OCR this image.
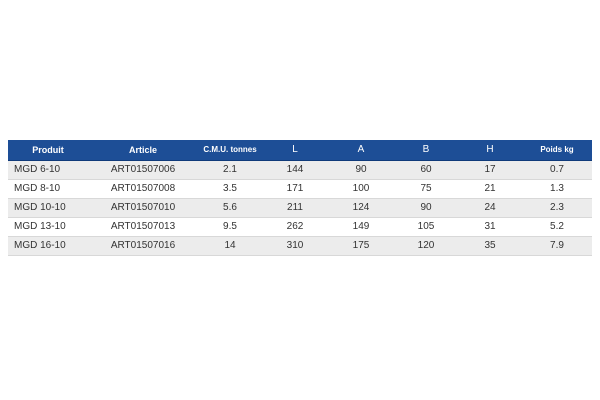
Produit	Article	C.M.U. tonnes	L	A	B	H	Poids kg
MGD 6-10	ART01507006	2.1	144	90	60	17	0.7
MGD 8-10	ART01507008	3.5	171	100	75	21	1.3
MGD 10-10	ART01507010	5.6	211	124	90	24	2.3
MGD 13-10	ART01507013	9.5	262	149	105	31	5.2
MGD 16-10	ART01507016	14	310	175	120	35	7.9
